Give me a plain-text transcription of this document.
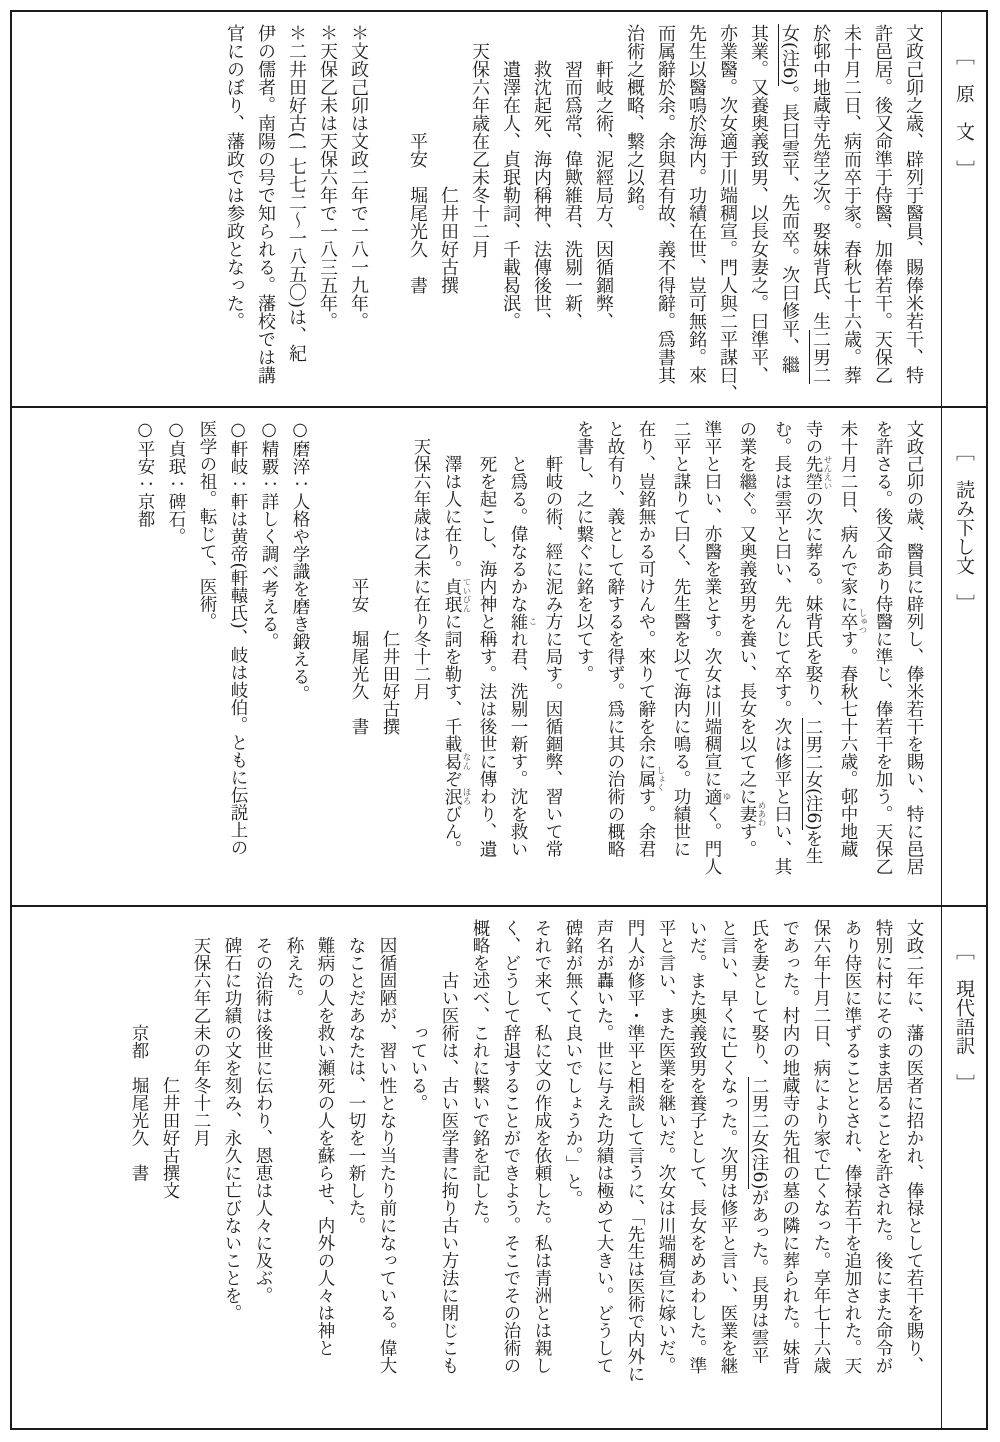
文政己卯之歳、辟列于醫員、賜俸米若干、特
許邑居。後又命準于侍醫、加俸若干。天保乙
未十月二日、病而卒于家。春秋七十六歳。葬
於邨中地蔵寺先塋之次。娶妹背氏、生二男二
女(注6)。長曰雲平、先而卒。次曰修平、繼
其業。又養奥義致男、以長女妻之。曰準平、
亦業醫。次女適于川端稠宣。門人與二平謀曰、
先生以醫鳴於海内。功績在世、豈可無銘。來
而属辭於余。余與君有故、義不得辭。爲書其
治術之概略、繋之以銘。
　　軒岐之術、泥經局方、因循錮弊、
　　習而爲常、偉歟維君、洗剔一新、
　　救沈起死、海内稱神、法傳後世、
　　遺澤在人、貞珉勒詞、千載曷泯。
　天保六年歳在乙未冬十二月
　　　　　　　　　仁井田好古撰
　　　　　　平安　堀尾光久　書
＊文政己卯は文政二年で一八一九年。
＊天保乙未は天保六年で一八三五年。
＊二井田好古(一七七二〜一八五〇)は、紀
伊の儒者。南陽の号で知られる。藩校では講
官にのぼり、藩政では参政となった。	［　原　文　］
文政己卯の歳、醫員に辟列し、俸米若干を賜い、特に邑居
を許さる。後又命あり侍醫に準じ、俸若干を加う。天保乙
未十月二日、病んで家に卒 しゅつす。春秋七十六歳。邨中地蔵
寺の先塋 せんえいの次に葬る。妹背氏を娶り、二男二女(注6)を生
む。長は雲平と曰い、先んじて卒す。次は修平と曰い、其
の業を繼ぐ。又奥義致男を養い、長女を以て之に妻 めあわす。
準平と曰い、亦醫を業とす。次女は川端稠宣に適 ゆく。門人
二平と謀りて曰く、先生醫を以て海内に鳴る。功績世に
在り、豈銘無かる可けんや。來りて辭を余に属 しょくす。余君
と故有り、義として辭するを得ず。爲に其の治術の概略
を書し、之に繋ぐに銘を以てす。
　　軒岐の術、經に泥み方に局す。因循錮弊、習いて常
　　と爲る。偉なるかな維 これ君、洗剔一新す。沈を救い
　　死を起こし、海内神と稱す。法は後世に傳わり、遺
　　澤は人に在り。貞珉 ていびんに詞を勒す、千載曷 なんぞ泯 ほろびん。
　天保六年歳は乙未に在り冬十二月
　　　　　　　　　　　　仁井田好古撰
　　　　　　　　　平安　堀尾光久　書
○磨淬：人格や学識を磨き鍛える。
○精覈：詳しく調べ考える。
○軒岐：軒は黄帝(軒轅氏)、岐は岐伯。ともに伝説上の
医学の祖。転じて、医術。
○貞珉：碑石。
○平安：京都	［　読み下し文　］
文政二年に、藩の医者に招かれ、俸禄として若干を賜り、
特別に村にそのまま居ることを許された。後にまた命令が
あり侍医に準ずることとされ、俸禄若干を追加された。天
保六年十月二日、病により家で亡くなった。享年七十六歳
であった。村内の地蔵寺の先祖の墓の隣に葬られた。妹背
氏を妻として娶り、二男二女(注6)があった。長男は雲平
と言い、早くに亡くなった。次男は修平と言い、医業を継
いだ。また奥義致男を養子として、長女をめあわした。準
平と言い、また医業を継いだ。次女は川端稠宣に嫁いだ。
門人が修平・準平と相談して言うに、「先生は医術で内外に
声名が轟いた。世に与えた功績は極めて大きい。どうして
碑銘が無くて良いでしょうか。」と。
それで来て、私に文の作成を依頼した。私は青洲とは親し
く、どうして辞退することができよう。そこでその治術の
概略を述べ、これに繋いで銘を記した。
　　　古い医術は、古い医学書に拘り古い方法に閉じこも
　　　　　　っている。
　因循固陋が、習い性となり当たり前になっている。偉大
　なことだあなたは、一切を一新した。
　難病の人を救い瀬死の人を蘇らせ、内外の人々は神と
　称えた。
　その治術は後世に伝わり、恩恵は人々に及ぶ。
　碑石に功績の文を刻み、永久に亡びないことを。
　天保六年乙未の年冬十二月
　　　　　　　　　仁井田好古撰文
　　　　　　京都　堀尾光久　書	［　現代語訳　］
